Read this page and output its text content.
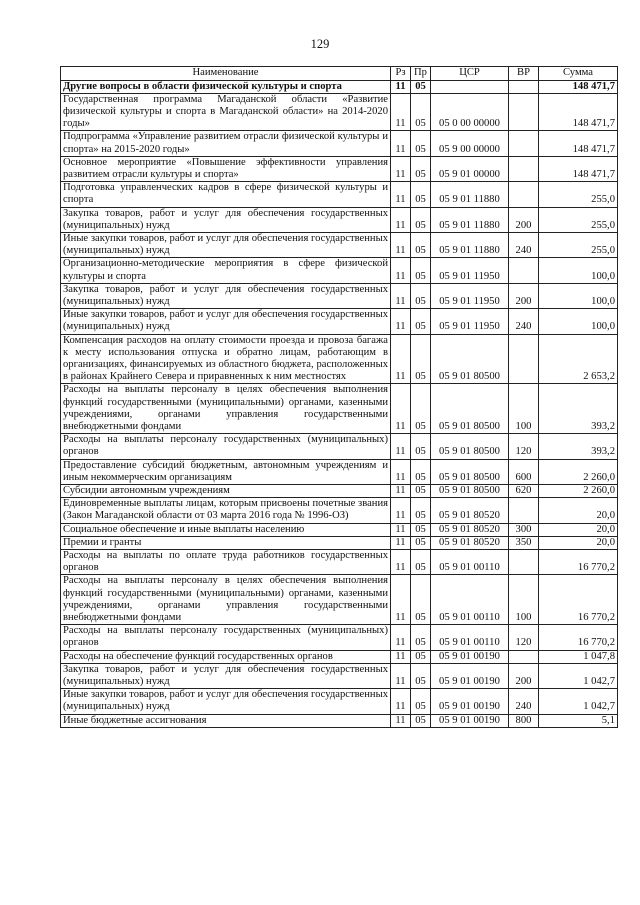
129
Наименование	Рз	Пр	ЦСР	ВР	Сумма
Другие вопросы в области физической культуры и спорта	11	05			148 471,7
Государственная программа Магаданской области «Развитие физической культуры и спорта в Магаданской области» на 2014-2020 годы»	11	05	05 0 00 00000		148 471,7
Подпрограмма «Управление развитием отрасли физической культуры и спорта» на 2015-2020 годы»	11	05	05 9 00 00000		148 471,7
Основное мероприятие «Повышение эффективности управления развитием отрасли культуры и спорта»	11	05	05 9 01 00000		148 471,7
Подготовка управленческих кадров в сфере физической культуры и спорта	11	05	05 9 01 11880		255,0
Закупка товаров, работ и услуг для обеспечения государственных (муниципальных) нужд	11	05	05 9 01 11880	200	255,0
Иные закупки товаров, работ и услуг для обеспечения государственных (муниципальных) нужд	11	05	05 9 01 11880	240	255,0
Организационно-методические мероприятия в сфере физической культуры и спорта	11	05	05 9 01 11950		100,0
Закупка товаров, работ и услуг для обеспечения государственных (муниципальных) нужд	11	05	05 9 01 11950	200	100,0
Иные закупки товаров, работ и услуг для обеспечения государственных (муниципальных) нужд	11	05	05 9 01 11950	240	100,0
Компенсация расходов на оплату стоимости проезда и провоза багажа к месту использования отпуска и обратно лицам, работающим в организациях, финансируемых из областного бюджета, расположенных в районах Крайнего Севера и приравненных к ним местностях	11	05	05 9 01 80500		2 653,2
Расходы на выплаты персоналу в целях обеспечения выполнения функций государственными (муниципальными) органами, казенными учреждениями, органами управления государственными внебюджетными фондами	11	05	05 9 01 80500	100	393,2
Расходы на выплаты персоналу государственных (муниципальных) органов	11	05	05 9 01 80500	120	393,2
Предоставление субсидий бюджетным, автономным учреждениям и иным некоммерческим организациям	11	05	05 9 01 80500	600	2 260,0
Субсидии автономным учреждениям	11	05	05 9 01 80500	620	2 260,0
Единовременные выплаты лицам, которым присвоены почетные звания (Закон Магаданской области от 03 марта 2016 года № 1996-ОЗ)	11	05	05 9 01 80520		20,0
Социальное обеспечение и иные выплаты населению	11	05	05 9 01 80520	300	20,0
Премии и гранты	11	05	05 9 01 80520	350	20,0
Расходы на выплаты по оплате труда работников государственных органов	11	05	05 9 01 00110		16 770,2
Расходы на выплаты персоналу в целях обеспечения выполнения функций государственными (муниципальными) органами, казенными учреждениями, органами управления государственными внебюджетными фондами	11	05	05 9 01 00110	100	16 770,2
Расходы на выплаты персоналу государственных (муниципальных) органов	11	05	05 9 01 00110	120	16 770,2
Расходы на обеспечение функций государственных органов	11	05	05 9 01 00190		1 047,8
Закупка товаров, работ и услуг для обеспечения государственных (муниципальных) нужд	11	05	05 9 01 00190	200	1 042,7
Иные закупки товаров, работ и услуг для обеспечения государственных (муниципальных) нужд	11	05	05 9 01 00190	240	1 042,7
Иные бюджетные ассигнования	11	05	05 9 01 00190	800	5,1
